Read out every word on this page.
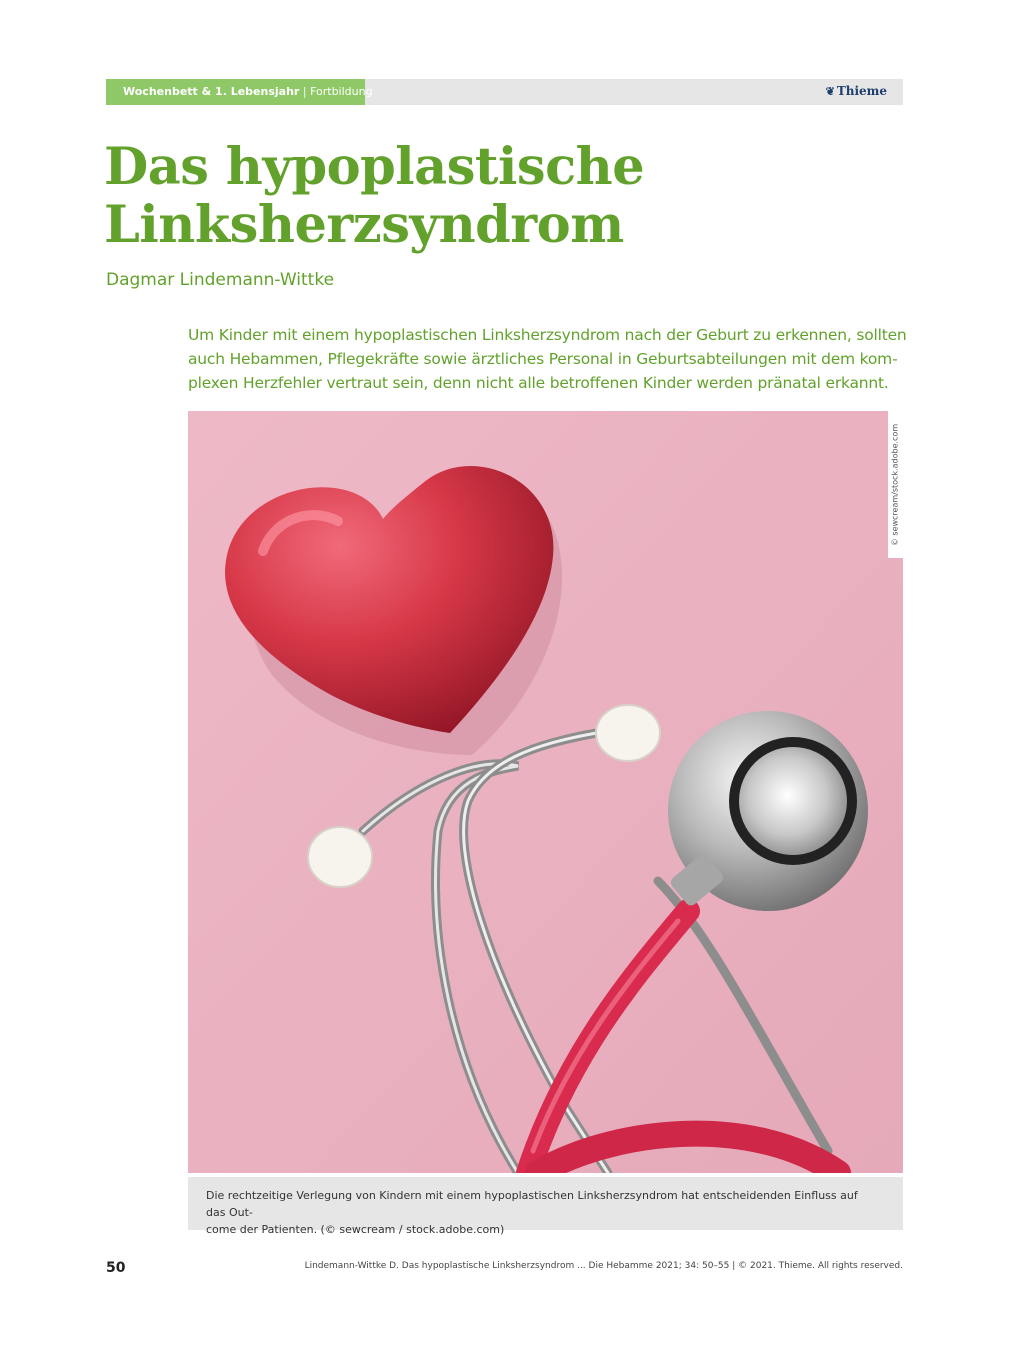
Wochenbett & 1. Lebensjahr | Fortbildung	❦ Thieme
Das hypoplastische
Linksherzsyndrom
Dagmar Lindemann-Wittke

Um Kinder mit einem hypoplastischen Linksherzsyndrom nach der Geburt zu erkennen, sollten
auch Hebammen, Pflegekräfte sowie ärztliches Personal in Geburtsabteilungen mit dem kom-
plexen Herzfehler vertraut sein, denn nicht alle betroffenen Kinder werden pränatal erkannt.

© sewcream/stock.adobe.com
Die rechtzeitige Verlegung von Kindern mit einem hypoplastischen Linksherzsyndrom hat entscheidenden Einfluss auf das Out-
come der Patienten. (© sewcream / stock.adobe.com)
50	Lindemann-Wittke D. Das hypoplastische Linksherzsyndrom ... Die Hebamme 2021; 34: 50–55 | © 2021. Thieme. All rights reserved.
